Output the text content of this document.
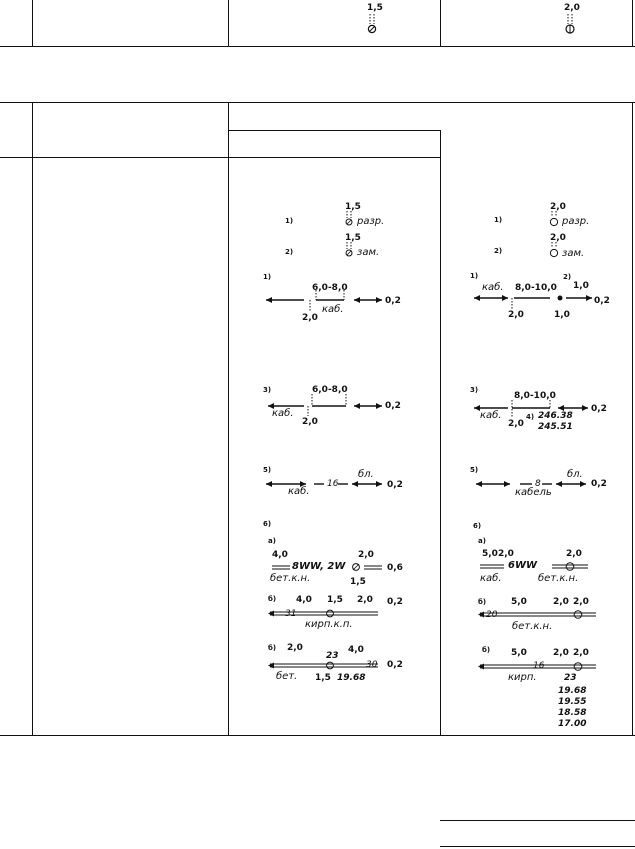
1,5	2,0
1)
1,5
разр.
2)
1,5
зам.
1)
6,0-8,0
каб.
2,0
0,2
3)	6,0-8,0
каб.
2,0
0,2
5)
16
каб.
бл.
0,2
6)
а)
4,0	2,0
8WW, 2W	0,6
бет.к.н.	1,5
б) 4,0 1,5 2,0 0,2
31
кирп.к.п.
б) 2,0
23
4,0
30 0,2
бет. 1,5 19.68
1)
2,0
разр.
2)
2,0
зам.
1)
каб. 8,0-10,0
2)
1,0
2,0	1,0
0,2
3)
8,0-10,0
каб.
2,0
4) 246.38
245.51
0,2
5)
8
кабель
бл.
0,2
6)
а)
5,0 2,0	2,0
6WW
каб.	бет.к.н.
б)	5,0	2,0 2,0
20
бет.к.н.
б) 5,0	2,0 2,0
16
кирп.	23
19.68
19.55
18.58
17.00
